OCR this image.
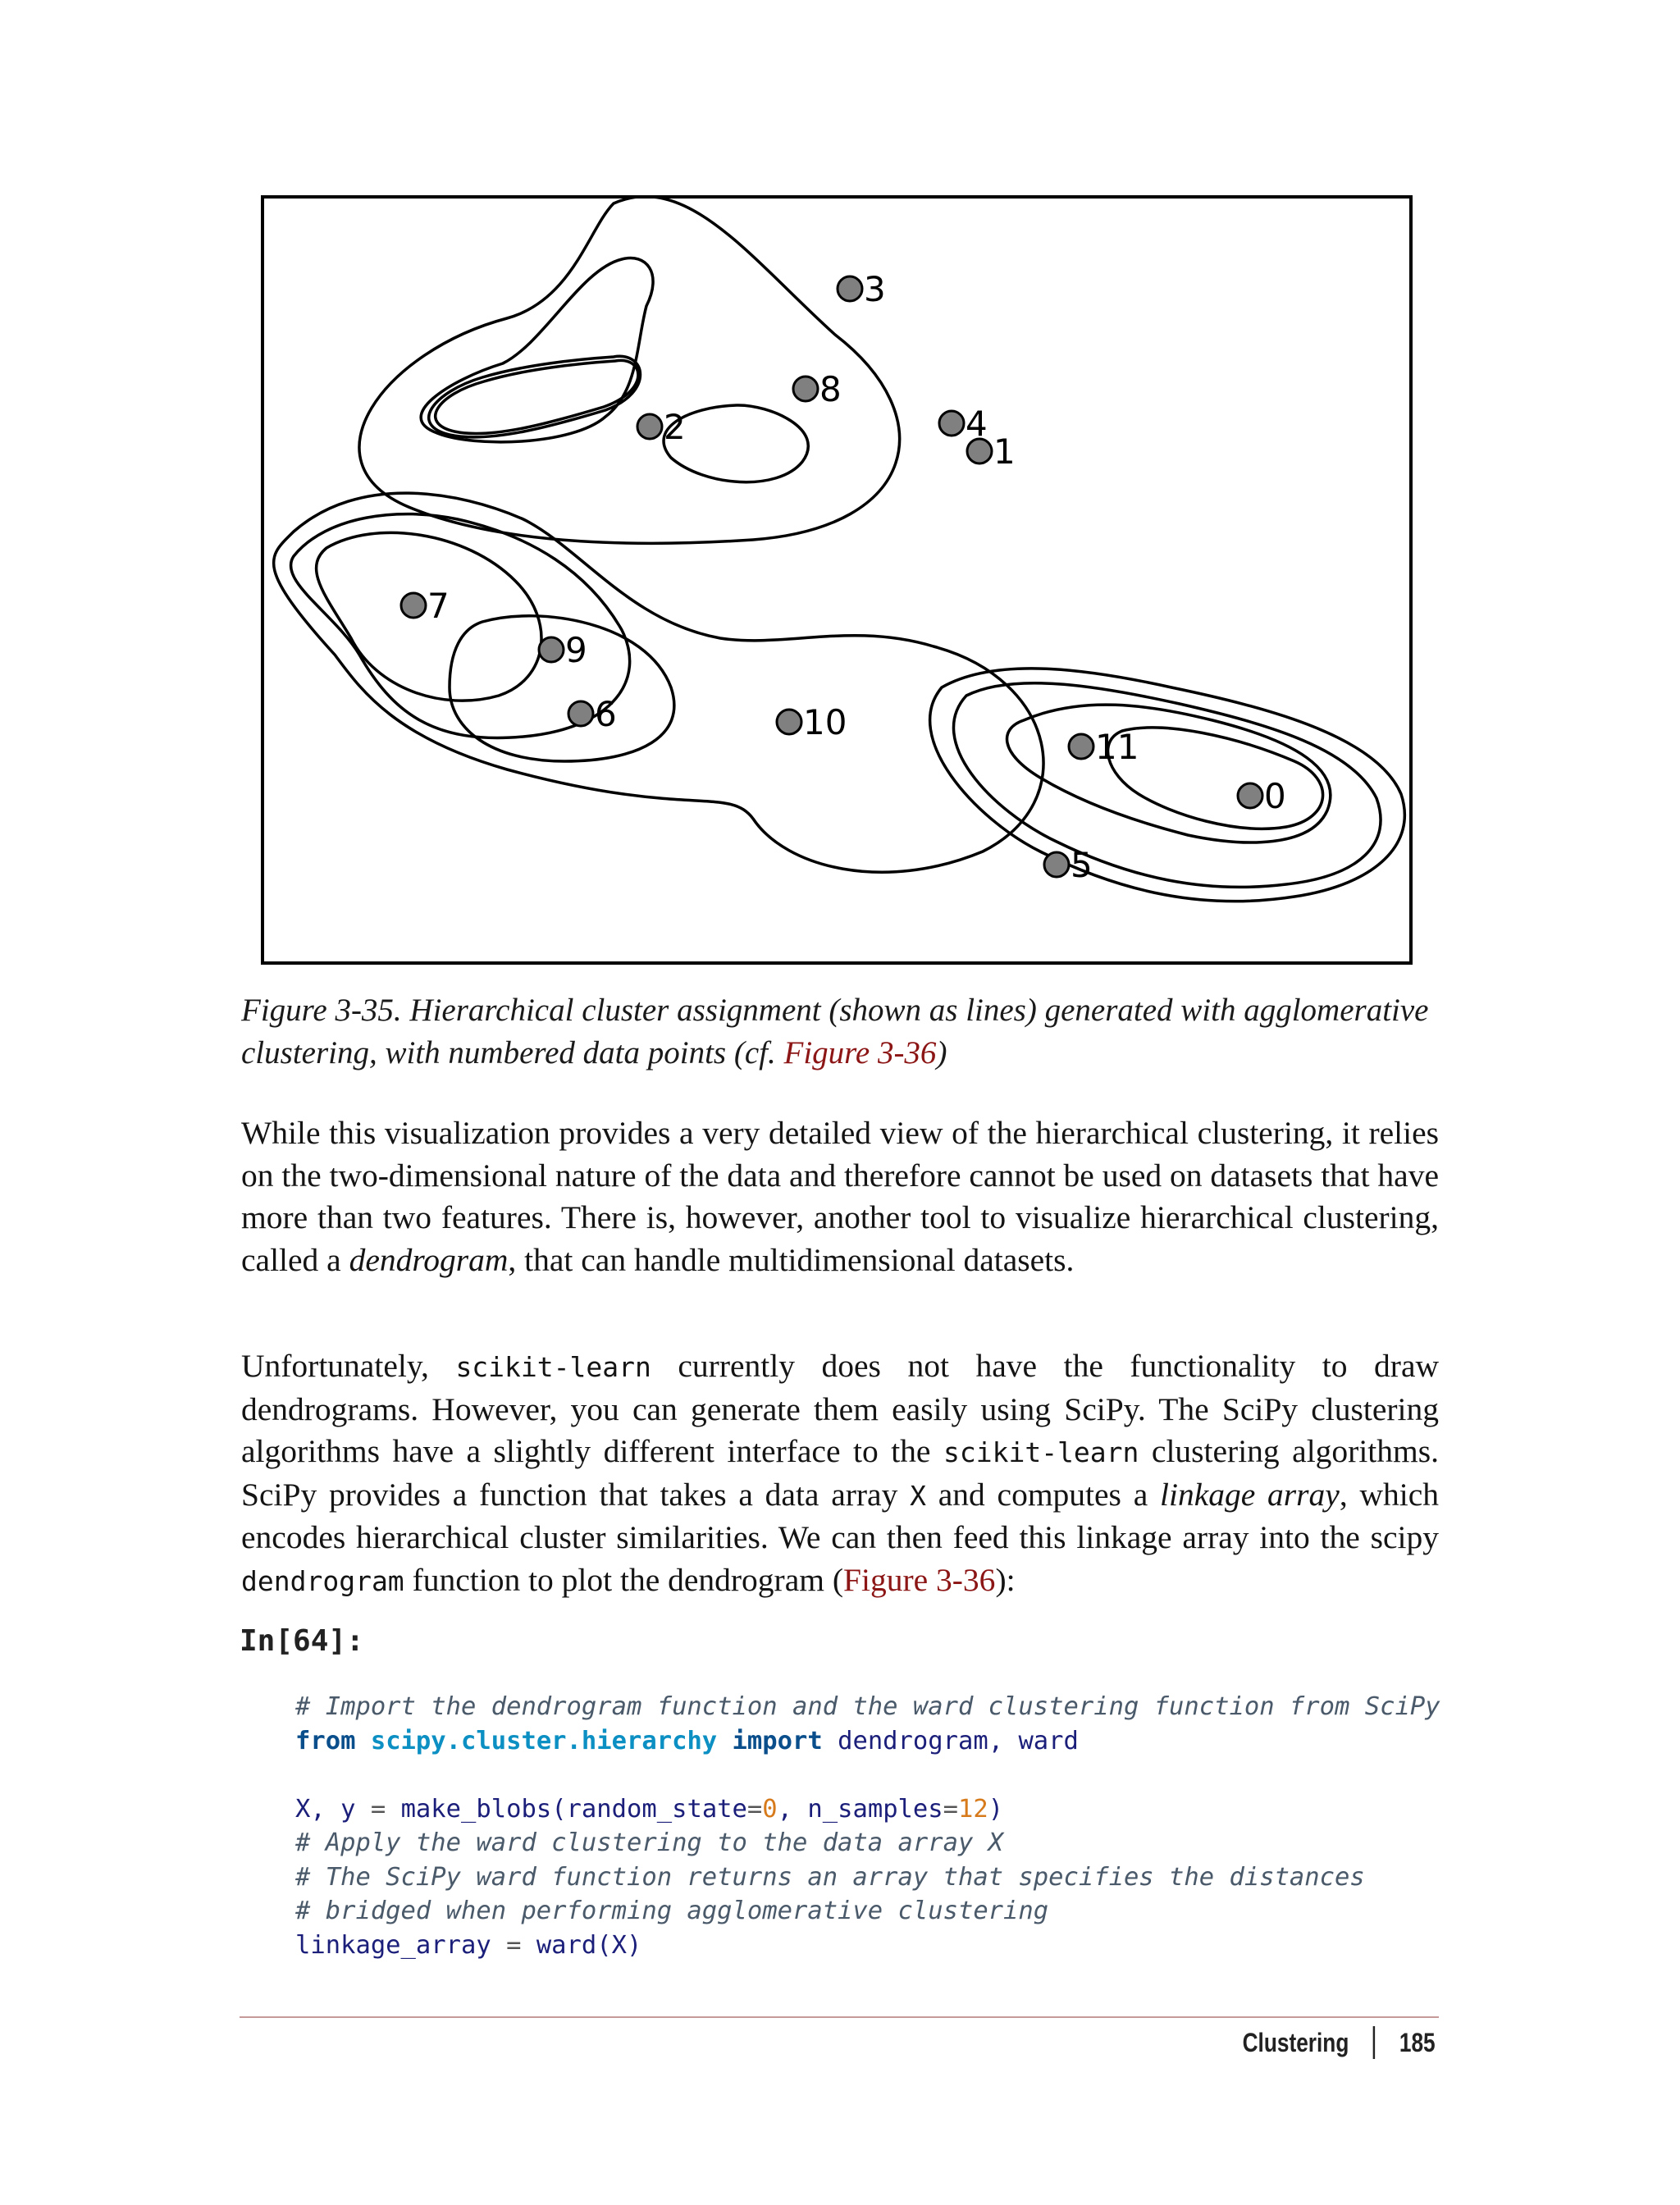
0
1
2
3
4
5
6
7
8
9
10
11
Figure 3-35. Hierarchical cluster assignment (shown as lines) generated with agglomerative clustering, with numbered data points (cf. Figure 3-36)

While this visualization provides a very detailed view of the hierarchical clustering, it relies on the two-dimensional nature of the data and therefore cannot be used on datasets that have more than two features. There is, however, another tool to visualize hierarchical clustering, called a dendrogram, that can handle multidimensional datasets.

Unfortunately, scikit-learn currently does not have the functionality to draw dendrograms. However, you can generate them easily using SciPy. The SciPy clustering algorithms have a slightly different interface to the scikit-learn clustering algorithms. SciPy provides a function that takes a data array X and computes a linkage array, which encodes hierarchical cluster similarities. We can then feed this linkage array into the scipy dendrogram function to plot the dendrogram (Figure 3-36):

In[64]:
# Import the dendrogram function and the ward clustering function from SciPy
from scipy.cluster.hierarchy import dendrogram, ward

X, y = make_blobs(random_state=0, n_samples=12)
# Apply the ward clustering to the data array X
# The SciPy ward function returns an array that specifies the distances
# bridged when performing agglomerative clustering
linkage_array = ward(X)
Clustering 185
